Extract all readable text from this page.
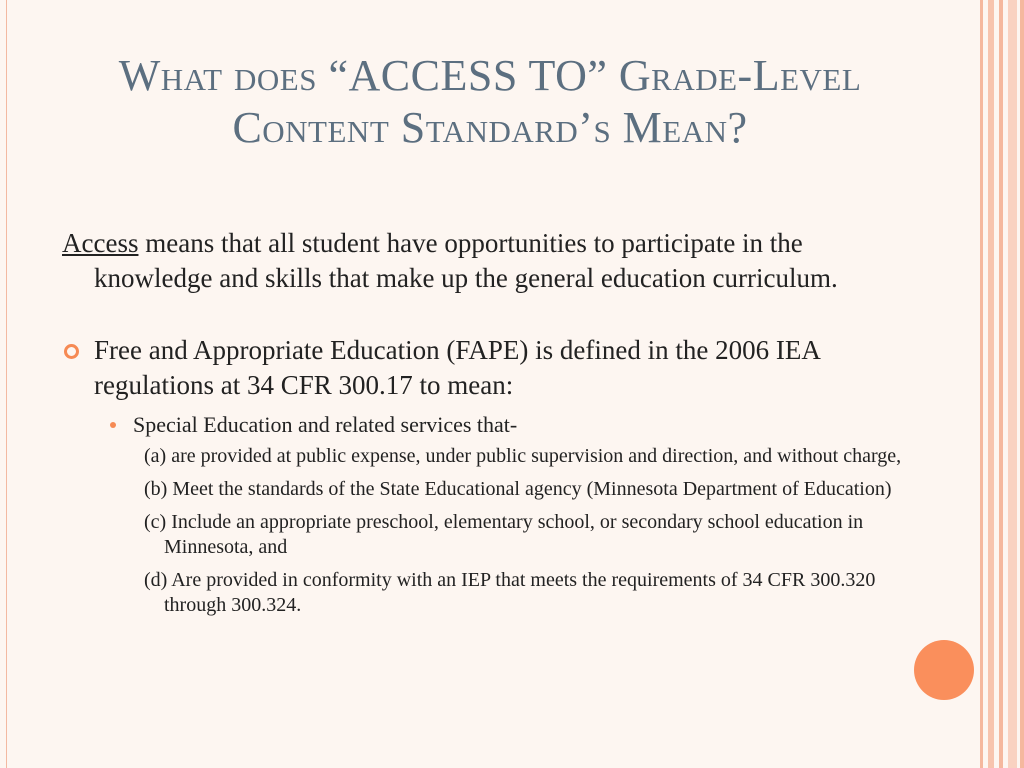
What does “ACCESS TO” Grade-Level
Content Standard’s Mean?

Access means that all student have opportunities to participate in the knowledge and skills that make up the general education curriculum.

Free and Appropriate Education (FAPE) is defined in the 2006 IEA regulations at 34 CFR 300.17 to mean:
Special Education and related services that-
(a) are provided at public expense, under public supervision and direction, and without charge,
(b) Meet the standards of the State Educational agency (Minnesota Department of Education)
(c) Include an appropriate preschool, elementary school, or secondary school education in Minnesota, and
(d) Are provided in conformity with an IEP that meets the requirements of 34 CFR 300.320 through 300.324.
